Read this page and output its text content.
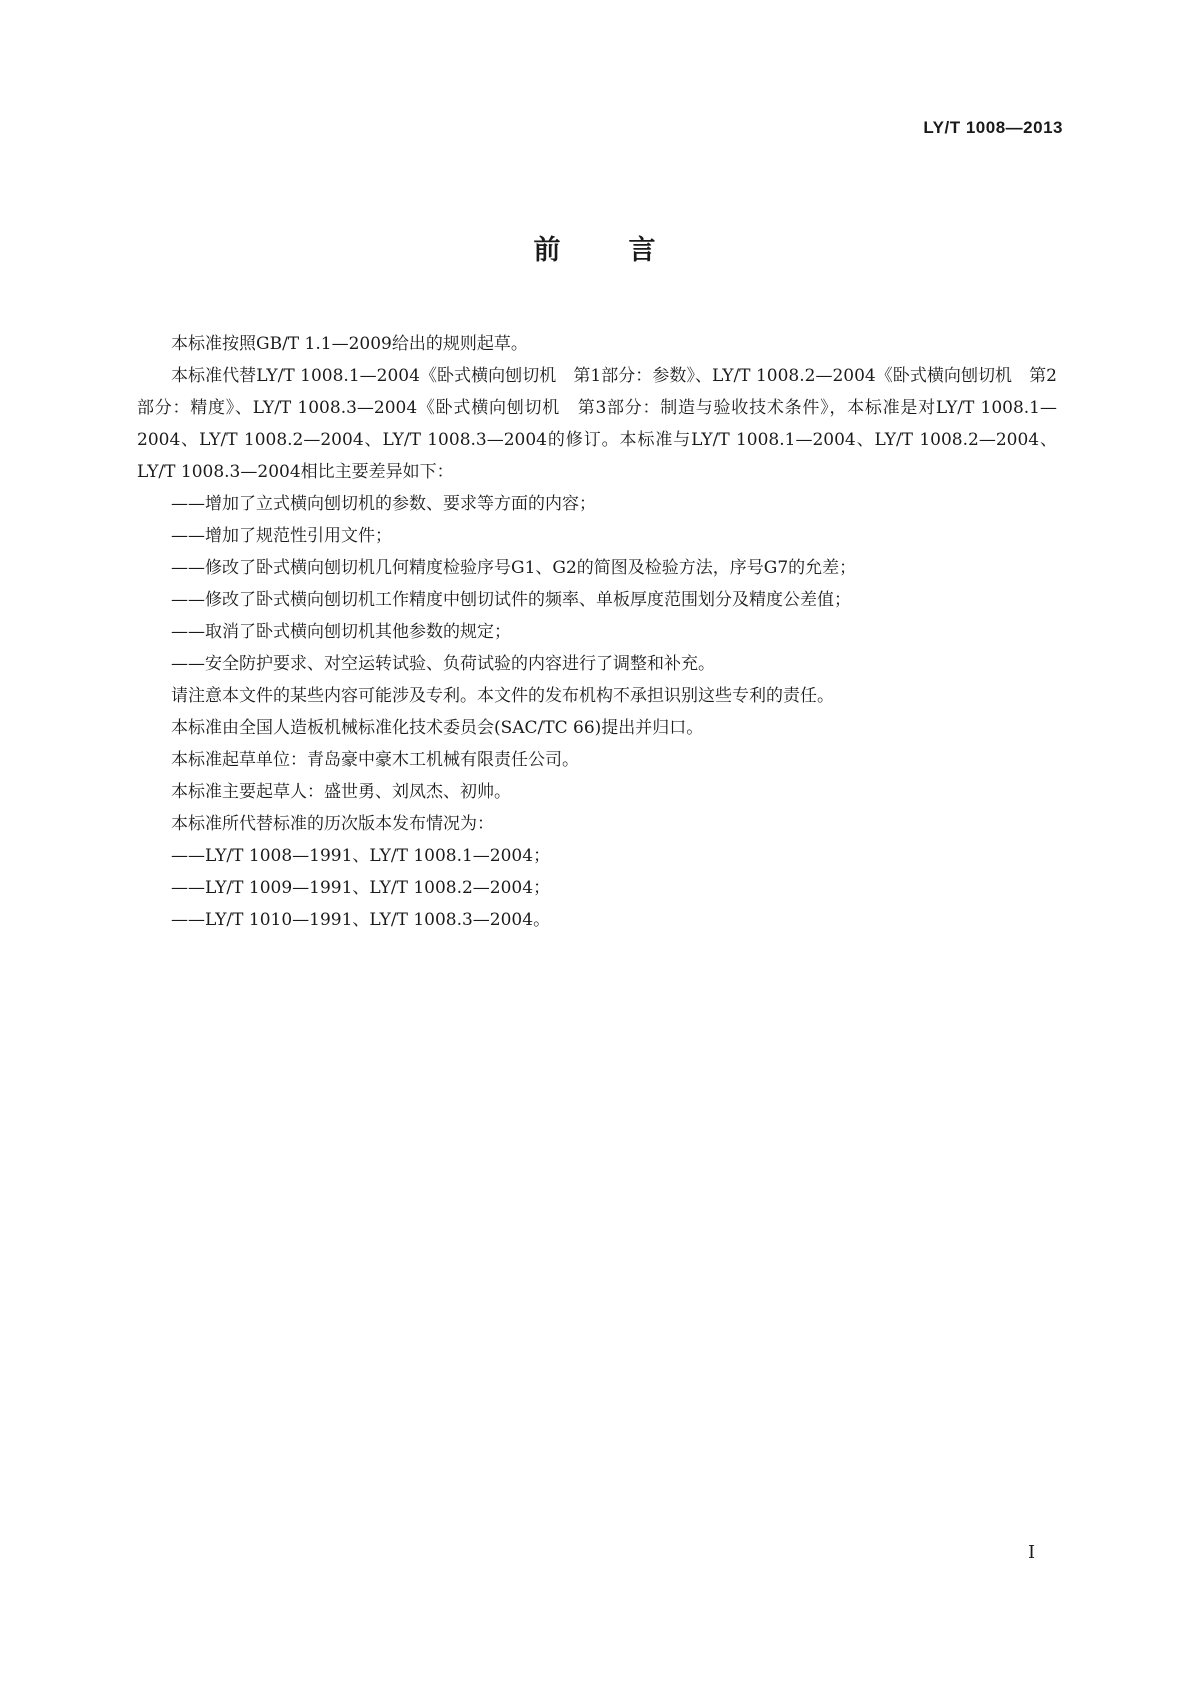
LY/T 1008—2013
前 言

本标准按照GB/T 1.1—2009给出的规则起草。

本标准代替LY/T 1008.1—2004《卧式横向刨切机　第1部分：参数》、LY/T 1008.2—2004《卧式横向刨切机　第2部分：精度》、LY/T 1008.3—2004《卧式横向刨切机　第3部分：制造与验收技术条件》，本标准是对LY/T 1008.1—2004、LY/T 1008.2—2004、LY/T 1008.3—2004的修订。本标准与LY/T 1008.1—2004、LY/T 1008.2—2004、LY/T 1008.3—2004相比主要差异如下：

——增加了立式横向刨切机的参数、要求等方面的内容；

——增加了规范性引用文件；

——修改了卧式横向刨切机几何精度检验序号G1、G2的简图及检验方法，序号G7的允差；

——修改了卧式横向刨切机工作精度中刨切试件的频率、单板厚度范围划分及精度公差值；

——取消了卧式横向刨切机其他参数的规定；

——安全防护要求、对空运转试验、负荷试验的内容进行了调整和补充。

请注意本文件的某些内容可能涉及专利。本文件的发布机构不承担识别这些专利的责任。

本标准由全国人造板机械标准化技术委员会(SAC/TC 66)提出并归口。

本标准起草单位：青岛豪中豪木工机械有限责任公司。

本标准主要起草人：盛世勇、刘凤杰、初帅。

本标准所代替标准的历次版本发布情况为：

——LY/T 1008—1991、LY/T 1008.1—2004；

——LY/T 1009—1991、LY/T 1008.2—2004；

——LY/T 1010—1991、LY/T 1008.3—2004。

I
